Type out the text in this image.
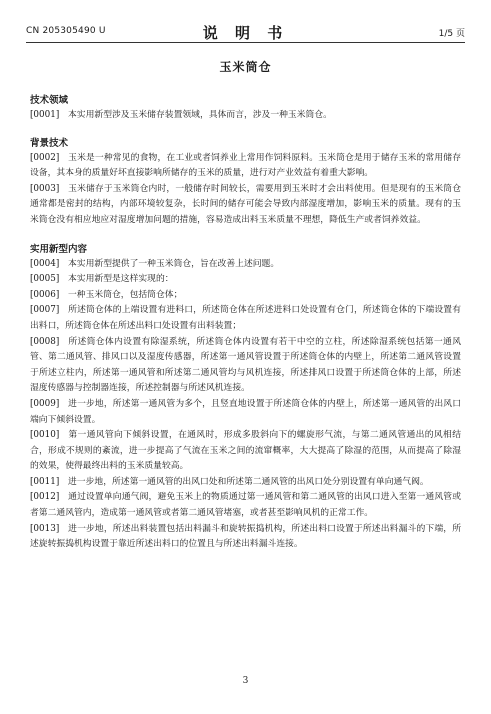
CN 205305490 U	说 明 书	1/5 页
玉米筒仓
技术领域

[0001] 本实用新型涉及玉米储存装置领域，具体而言，涉及一种玉米筒仓。

背景技术

[0002] 玉米是一种常见的食物，在工业或者饲养业上常用作饲料原料。玉米筒仓是用于储存玉米的常用储存设备，其本身的质量好坏直接影响所储存的玉米的质量，进行对产业效益有着重大影响。

[0003] 玉米储存于玉米筒仓内时，一般储存时间较长，需要用到玉米时才会出料使用。但是现有的玉米筒仓通常都是密封的结构，内部环境较复杂，长时间的储存可能会导致内部湿度增加，影响玉米的质量。现有的玉米筒仓没有相应地应对湿度增加问题的措施，容易造成出料玉米质量不理想，降低生产或者饲养效益。

实用新型内容

[0004] 本实用新型提供了一种玉米筒仓，旨在改善上述问题。

[0005] 本实用新型是这样实现的：

[0006] 一种玉米筒仓，包括筒仓体；

[0007] 所述筒仓体的上端设置有进料口，所述筒仓体在所述进料口处设置有仓门，所述筒仓体的下端设置有出料口，所述筒仓体在所述出料口处设置有出料装置；

[0008] 所述筒仓体内设置有除湿系统，所述筒仓体内设置有若干中空的立柱，所述除湿系统包括第一通风管、第二通风管、排风口以及湿度传感器，所述第一通风管设置于所述筒仓体的内壁上，所述第二通风管设置于所述立柱内，所述第一通风管和所述第二通风管均与风机连接，所述排风口设置于所述筒仓体的上部，所述湿度传感器与控制器连接，所述控制器与所述风机连接。

[0009] 进一步地，所述第一通风管为多个，且竖直地设置于所述筒仓体的内壁上，所述第一通风管的出风口端向下倾斜设置。

[0010] 第一通风管向下倾斜设置，在通风时，形成多股斜向下的螺旋形气流，与第二通风管通出的风相结合，形成不规则的紊流，进一步提高了气流在玉米之间的流窜概率，大大提高了除湿的范围，从而提高了除湿的效果，使得最终出料的玉米质量较高。

[0011] 进一步地，所述第一通风管的出风口处和所述第二通风管的出风口处分别设置有单向通气阀。

[0012] 通过设置单向通气阀，避免玉米上的物质通过第一通风管和第二通风管的出风口进入至第一通风管或者第二通风管内，造成第一通风管或者第二通风管堵塞，或者甚至影响风机的正常工作。

[0013] 进一步地，所述出料装置包括出料漏斗和旋转振捣机构，所述出料口设置于所述出料漏斗的下端，所述旋转振捣机构设置于靠近所述出料口的位置且与所述出料漏斗连接。

3
